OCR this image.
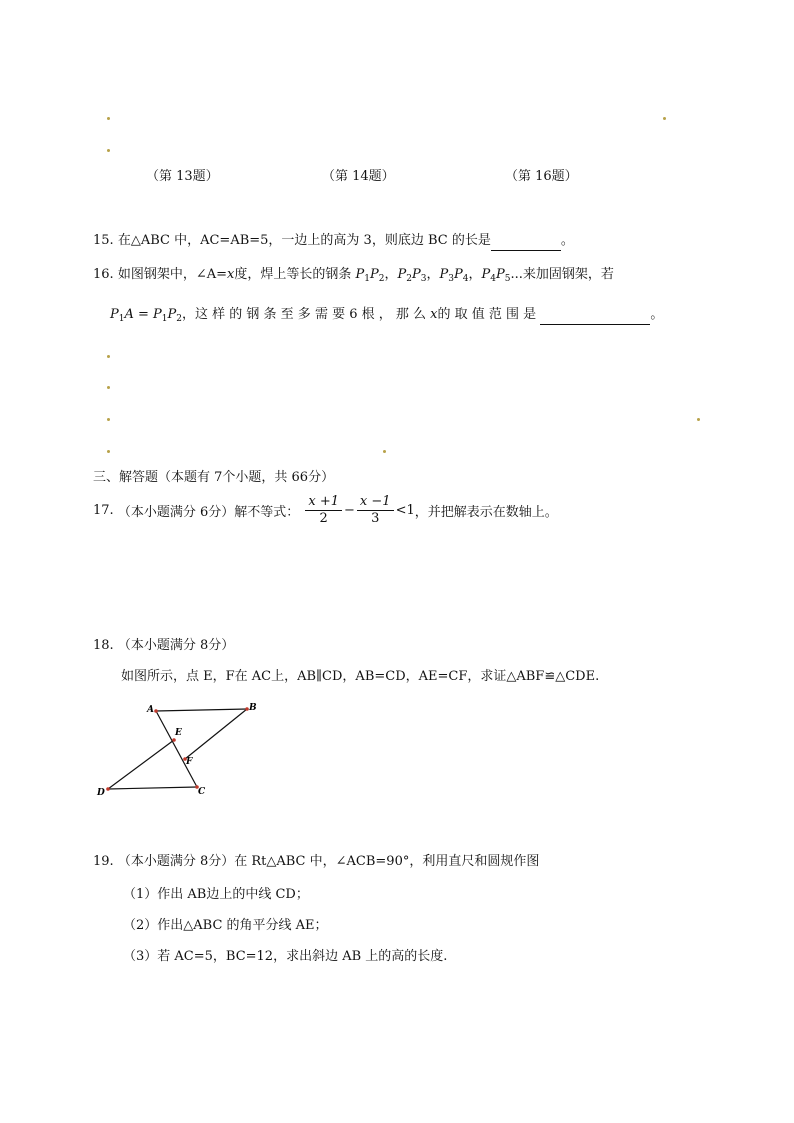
（第 13题）	（第 14题）	（第 16题）
15. 在△ABC 中，AC=AB=5，一边上的高为 3，则底边 BC 的长是	。
16. 如图钢架中，∠A=x度，焊上等长的钢条 $P_1P_2$，$P_2P_3$，$P_3P_4$，$P_4P_5$...来加固钢架，若
$P_1A = P_1P_2$，这 样 的 钢 条 至 多 需 要 6 根 ， 那 么 x的 取 值 范 围 是	。
三、解答题（本题有 7个小题，共 66分）
17. （本小题满分 6分）解不等式： $\frac{x +1}{2} - \frac{x -1}{3} <1$，并把解表示在数轴上。
18. （本小题满分 8分）
如图所示，点 E，F在 AC上，AB∥CD，AB=CD，AE=CF，求证△ABF≌△CDE.
A	B
C
D
E
F
19. （本小题满分 8分）在 Rt△ABC 中，∠ACB=90°，利用直尺和圆规作图
（1）作出 AB边上的中线 CD；
（2）作出△ABC 的角平分线 AE；
（3）若 AC=5，BC=12，求出斜边 AB 上的高的长度.
